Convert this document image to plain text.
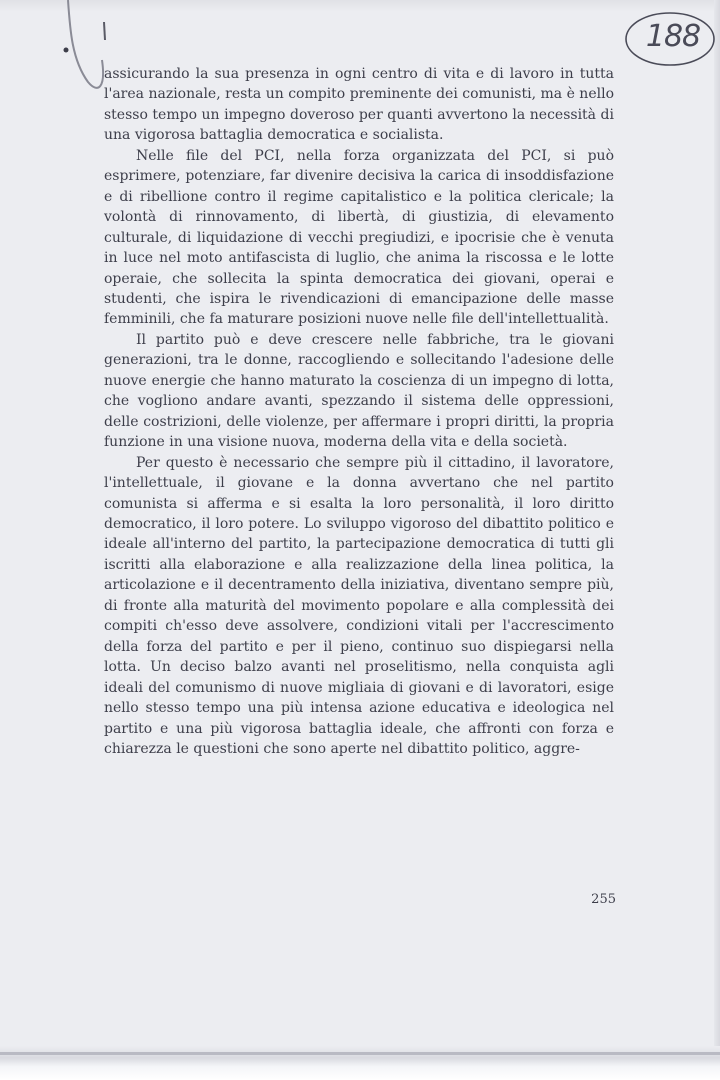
188

assicurando la sua presenza in ogni centro di vita e di lavoro in tutta l'area nazionale, resta un compito preminente dei comunisti, ma è nello stesso tempo un impegno doveroso per quanti avvertono la necessità di una vigorosa battaglia democratica e socialista.

Nelle file del PCI, nella forza organizzata del PCI, si può esprimere, potenziare, far divenire decisiva la carica di insoddisfazione e di ribellione contro il regime capitalistico e la politica clericale; la volontà di rinnovamento, di libertà, di giustizia, di elevamento culturale, di liquidazione di vecchi pregiudizi, e ipocrisie che è venuta in luce nel moto antifascista di luglio, che anima la riscossa e le lotte operaie, che sollecita la spinta democratica dei giovani, operai e studenti, che ispira le rivendicazioni di emancipazione delle masse femminili, che fa maturare posizioni nuove nelle file dell'intellettualità.

Il partito può e deve crescere nelle fabbriche, tra le giovani generazioni, tra le donne, raccogliendo e sollecitando l'adesione delle nuove energie che hanno maturato la coscienza di un impegno di lotta, che vogliono andare avanti, spezzando il sistema delle oppressioni, delle costrizioni, delle violenze, per affermare i propri diritti, la propria funzione in una visione nuova, moderna della vita e della società.

Per questo è necessario che sempre più il cittadino, il lavoratore, l'intellettuale, il giovane e la donna avvertano che nel partito comunista si afferma e si esalta la loro personalità, il loro diritto democratico, il loro potere. Lo sviluppo vigoroso del dibattito politico e ideale all'interno del partito, la partecipazione democratica di tutti gli iscritti alla elaborazione e alla realizzazione della linea politica, la articolazione e il decentramento della iniziativa, diventano sempre più, di fronte alla maturità del movimento popolare e alla complessità dei compiti ch'esso deve assolvere, condizioni vitali per l'accrescimento della forza del partito e per il pieno, continuo suo dispiegarsi nella lotta. Un deciso balzo avanti nel proselitismo, nella conquista agli ideali del comunismo di nuove migliaia di giovani e di lavoratori, esige nello stesso tempo una più intensa azione educativa e ideologica nel partito e una più vigorosa battaglia ideale, che affronti con forza e chiarezza le questioni che sono aperte nel dibattito politico, aggre-

255
